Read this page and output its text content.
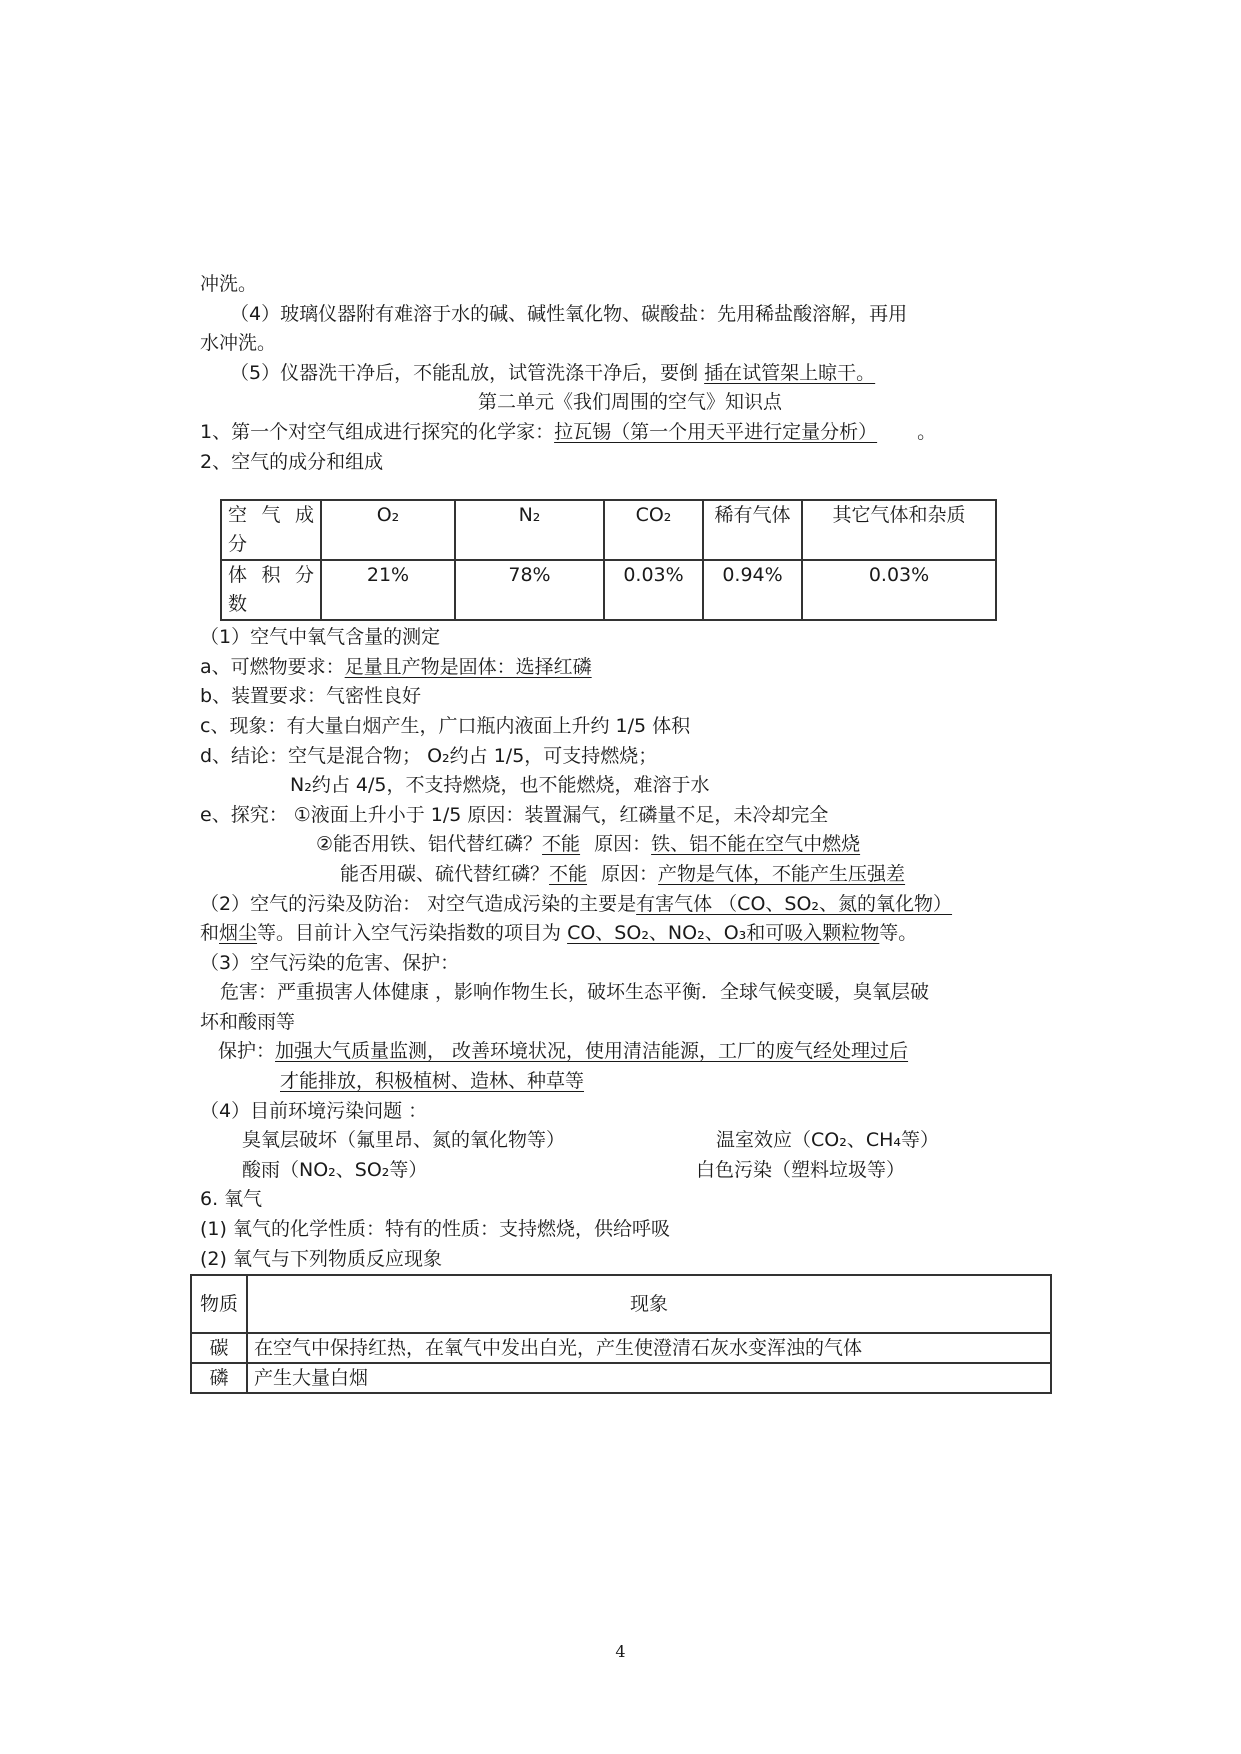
冲洗。
（4）玻璃仪器附有难溶于水的碱、碱性氧化物、碳酸盐：先用稀盐酸溶解，再用
水冲洗。
（5）仪器洗干净后，不能乱放，试管洗涤干净后，要倒 插在试管架上晾干。
第二单元《我们周围的空气》知识点
1、第一个对空气组成进行探究的化学家：拉瓦锡（第一个用天平进行定量分析） 。
2、空气的成分和组成
空 气 成 分	O₂	N₂	CO₂	稀有气体	其它气体和杂质
体 积 分 数	21%	78%	0.03%	0.94%	0.03%
（1）空气中氧气含量的测定
a、可燃物要求：足量且产物是固体：选择红磷
b、装置要求：气密性良好
c、现象：有大量白烟产生，广口瓶内液面上升约 1/5 体积
d、结论：空气是混合物； O₂约占 1/5，可支持燃烧；
N₂约占 4/5，不支持燃烧，也不能燃烧，难溶于水
e、探究： ①液面上升小于 1/5 原因：装置漏气，红磷量不足，未冷却完全
②能否用铁、铝代替红磷？不能 原因：铁、铝不能在空气中燃烧
能否用碳、硫代替红磷？不能 原因：产物是气体，不能产生压强差
（2）空气的污染及防治： 对空气造成污染的主要是有害气体 （CO、SO₂、氮的氧化物）
和烟尘等。目前计入空气污染指数的项目为 CO、SO₂、NO₂、O₃和可吸入颗粒物等。
（3）空气污染的危害、保护：
危害：严重损害人体健康 ，影响作物生长，破坏生态平衡．全球气候变暖，臭氧层破
坏和酸雨等
保护：加强大气质量监测， 改善环境状况，使用清洁能源，工厂的废气经处理过后
才能排放，积极植树、造林、种草等
（4）目前环境污染问题 ：
臭氧层破坏（氟里昂、氮的氧化物等）	温室效应（CO₂、CH₄等）
酸雨（NO₂、SO₂等）	白色污染（塑料垃圾等）
6. 氧气
(1) 氧气的化学性质：特有的性质：支持燃烧，供给呼吸
(2) 氧气与下列物质反应现象
物质	现象
碳	在空气中保持红热，在氧气中发出白光，产生使澄清石灰水变浑浊的气体
磷	产生大量白烟
4
